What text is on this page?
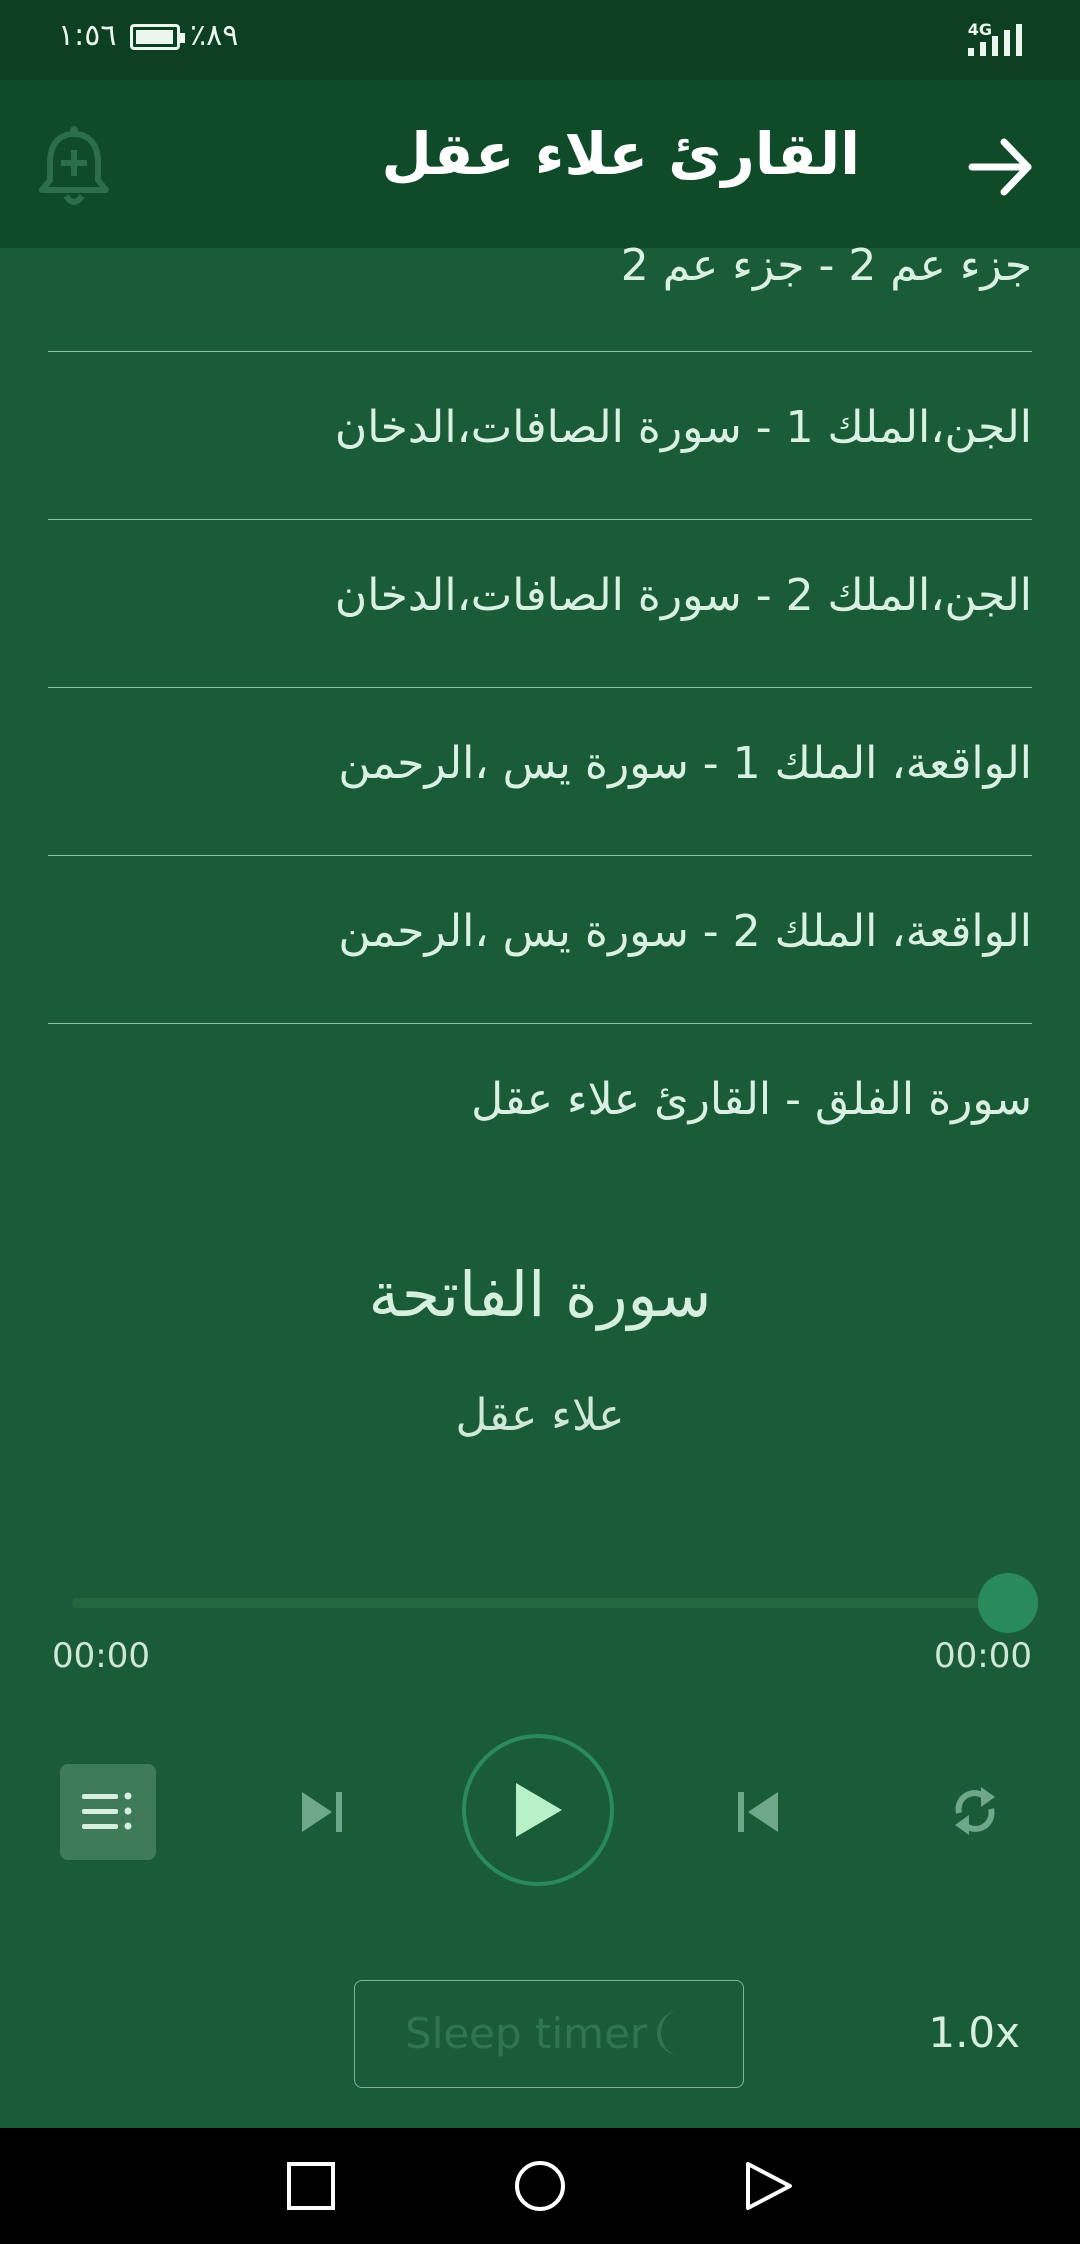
١:٥٦ ٪٨٩	4G
القارئ علاء عقل
جزء عم 2 - جزء عم 2
الجن،الملك 1 - سورة الصافات،الدخان
الجن،الملك 2 - سورة الصافات،الدخان
الواقعة، الملك 1 - سورة يس ،الرحمن
الواقعة، الملك 2 - سورة يس ،الرحمن
سورة الفلق - القارئ علاء عقل
سورة الفاتحة
علاء عقل
00:00	00:00
Sleep timer	1.0x
